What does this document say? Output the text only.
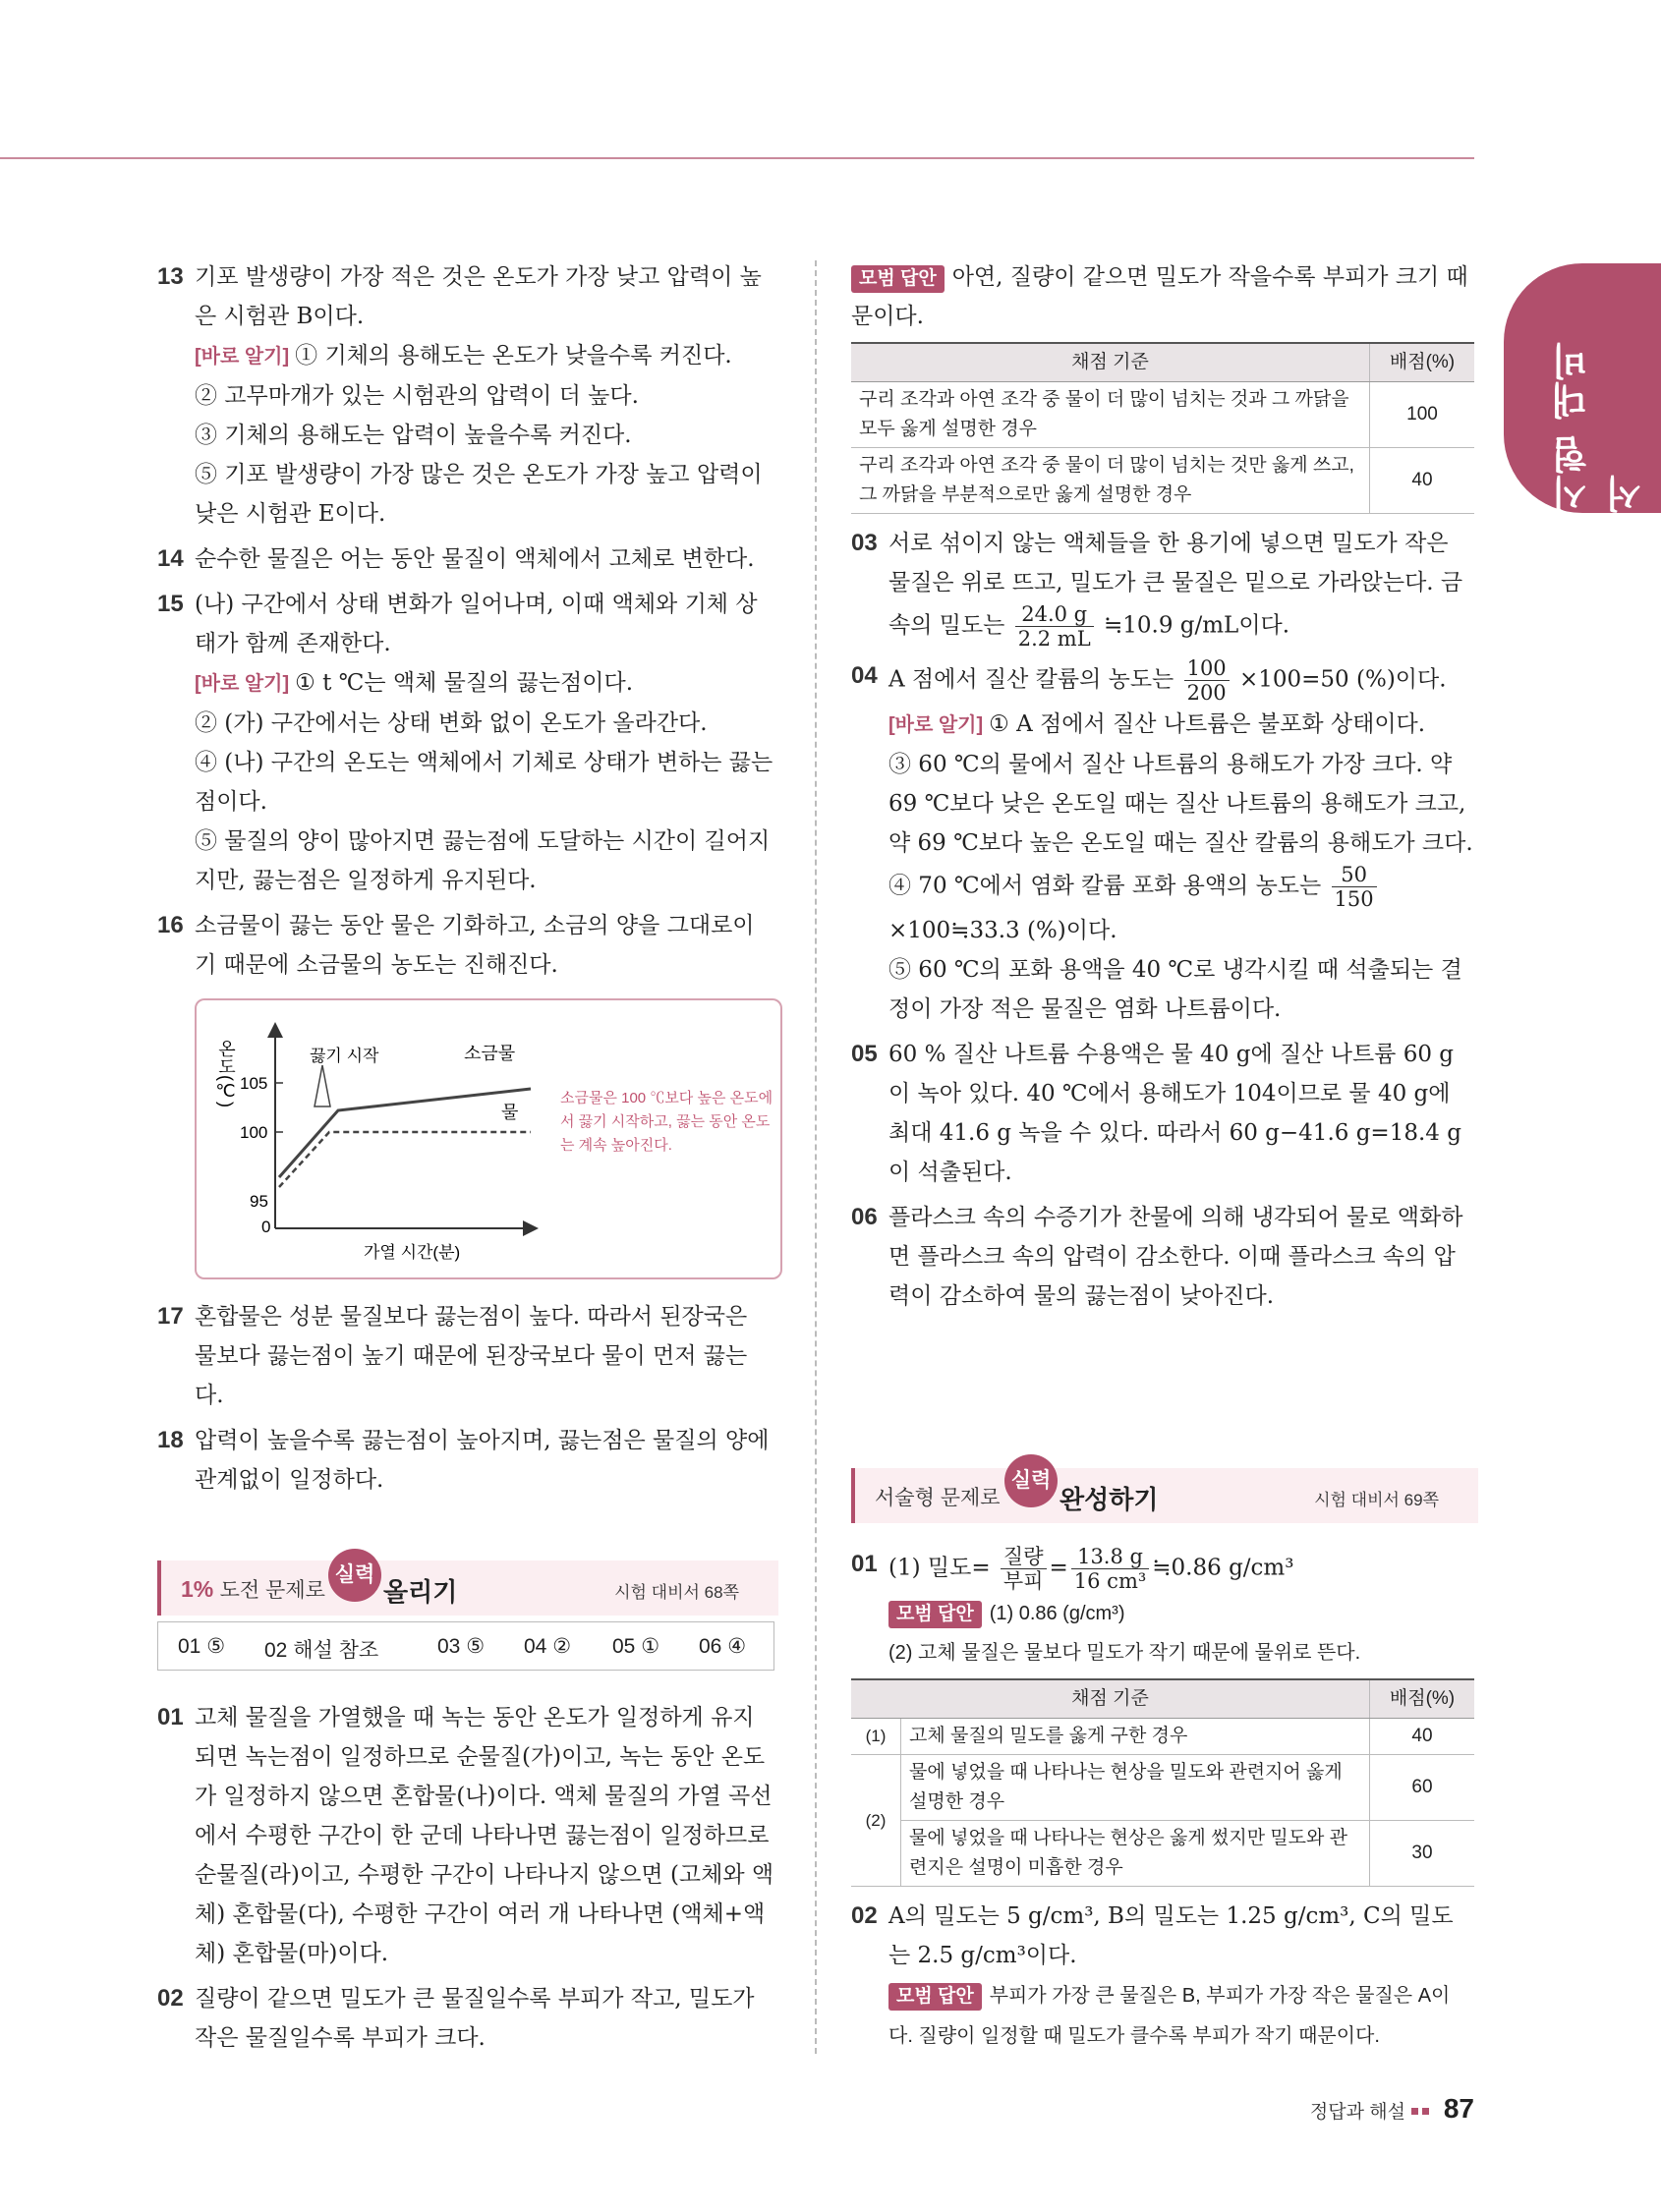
시험 대비서
13 기포 발생량이 가장 적은 것은 온도가 가장 낮고 압력이 높은 시험관 B이다.
[바로 알기] ① 기체의 용해도는 온도가 낮을수록 커진다.
② 고무마개가 있는 시험관의 압력이 더 높다.
③ 기체의 용해도는 압력이 높을수록 커진다.
⑤ 기포 발생량이 가장 많은 것은 온도가 가장 높고 압력이 낮은 시험관 E이다.
14 순수한 물질은 어는 동안 물질이 액체에서 고체로 변한다.
15 (나) 구간에서 상태 변화가 일어나며, 이때 액체와 기체 상태가 함께 존재한다.
[바로 알기] ① t ℃는 액체 물질의 끓는점이다.
② (가) 구간에서는 상태 변화 없이 온도가 올라간다.
④ (나) 구간의 온도는 액체에서 기체로 상태가 변하는 끓는점이다.
⑤ 물질의 양이 많아지면 끓는점에 도달하는 시간이 길어지지만, 끓는점은 일정하게 유지된다.
16 소금물이 끓는 동안 물은 기화하고, 소금의 양을 그대로이기 때문에 소금물의 농도는 진해진다.
온도(℃) 105
100
95
0
끓기 시작	소금물
물
가열 시간(분)
소금물은 100 ℃보다 높은 온도에서 끓기 시작하고, 끓는 동안 온도는 계속 높아진다.
17 혼합물은 성분 물질보다 끓는점이 높다. 따라서 된장국은 물보다 끓는점이 높기 때문에 된장국보다 물이 먼저 끓는다.
18 압력이 높을수록 끓는점이 높아지며, 끓는점은 물질의 양에 관계없이 일정하다.
1% 도전 문제로
실력
올리기	시험 대비서 68쪽
01 ⑤ 02 해설 참조	03 ⑤ 04 ② 05 ① 06 ④
01 고체 물질을 가열했을 때 녹는 동안 온도가 일정하게 유지되면 녹는점이 일정하므로 순물질(가)이고, 녹는 동안 온도가 일정하지 않으면 혼합물(나)이다. 액체 물질의 가열 곡선에서 수평한 구간이 한 군데 나타나면 끓는점이 일정하므로 순물질(라)이고, 수평한 구간이 나타나지 않으면 (고체와 액체) 혼합물(다), 수평한 구간이 여러 개 나타나면 (액체+액체) 혼합물(마)이다.
02 질량이 같으면 밀도가 큰 물질일수록 부피가 작고, 밀도가 작은 물질일수록 부피가 크다.
모범 답안 아연, 질량이 같으면 밀도가 작을수록 부피가 크기 때문이다.
채점 기준	배점(%)
구리 조각과 아연 조각 중 물이 더 많이 넘치는 것과 그 까닭을 모두 옳게 설명한 경우	100
구리 조각과 아연 조각 중 물이 더 많이 넘치는 것만 옳게 쓰고, 그 까닭을 부분적으로만 옳게 설명한 경우	40
03 서로 섞이지 않는 액체들을 한 용기에 넣으면 밀도가 작은 물질은 위로 뜨고, 밀도가 큰 물질은 밑으로 가라앉는다. 금속의 밀도는 $\frac{24.0 g}{2.2 mL}$ ≒10.9 g/mL이다.
04 A 점에서 질산 칼륨의 농도는 $\frac{100}{200} \times 100=50$ (%)이다.
[바로 알기] ① A 점에서 질산 나트륨은 불포화 상태이다.
③ 60 ℃의 물에서 질산 나트륨의 용해도가 가장 크다. 약 69 ℃보다 낮은 온도일 때는 질산 나트륨의 용해도가 크고, 약 69 ℃보다 높은 온도일 때는 질산 칼륨의 용해도가 크다.
④ 70 ℃에서 염화 칼륨 포화 용액의 농도는 $\frac{50}{150}$
×100≒33.3 (%)이다.
⑤ 60 ℃의 포화 용액을 40 ℃로 냉각시킬 때 석출되는 결정이 가장 적은 물질은 염화 나트륨이다.
05 60 % 질산 나트륨 수용액은 물 40 g에 질산 나트륨 60 g이 녹아 있다. 40 ℃에서 용해도가 104이므로 물 40 g에 최대 41.6 g 녹을 수 있다. 따라서 60 g−41.6 g=18.4 g이 석출된다.
06 플라스크 속의 수증기가 찬물에 의해 냉각되어 물로 액화하면 플라스크 속의 압력이 감소한다. 이때 플라스크 속의 압력이 감소하여 물의 끓는점이 낮아진다.
서술형 문제로
실력
완성하기	시험 대비서 69쪽
01 (1) 밀도= $\frac{\text{질량}}{\text{부피}} = \frac{13.8 g}{\text{16 cm³}}$ ≒0.86 g/cm³
모범 답안 (1) 0.86 (g/cm³)
(2) 고체 물질은 물보다 밀도가 작기 때문에 물위로 뜬다.
채점 기준		배점(%)
(1)	고체 물질의 밀도를 옳게 구한 경우	40
(2)	물에 넣었을 때 나타나는 현상을 밀도와 관련지어 옳게 설명한 경우	60
	물에 넣었을 때 나타나는 현상은 옳게 썼지만 밀도와 관련지은 설명이 미흡한 경우	30
02 A의 밀도는 5 g/cm³, B의 밀도는 1.25 g/cm³, C의 밀도는 2.5 g/cm³이다.
모범 답안 부피가 가장 큰 물질은 B, 부피가 가장 작은 물질은 A이다. 질량이 일정할 때 밀도가 클수록 부피가 작기 때문이다.
정답과 해설 87
